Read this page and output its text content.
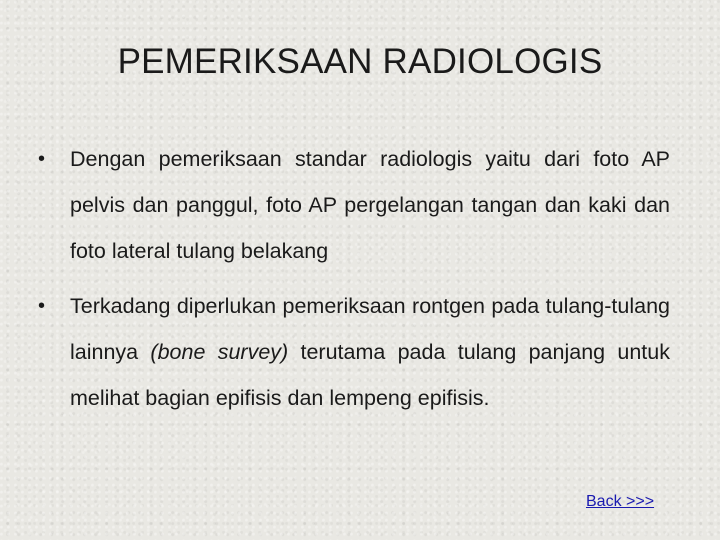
PEMERIKSAAN RADIOLOGIS
• Dengan pemeriksaan standar radiologis yaitu dari foto AP pelvis dan panggul, foto AP pergelangan tangan dan kaki dan foto lateral tulang belakang
• Terkadang diperlukan pemeriksaan rontgen pada tulang-tulang lainnya (bone survey) terutama pada tulang panjang untuk melihat bagian epifisis dan lempeng epifisis.
Back >>>
